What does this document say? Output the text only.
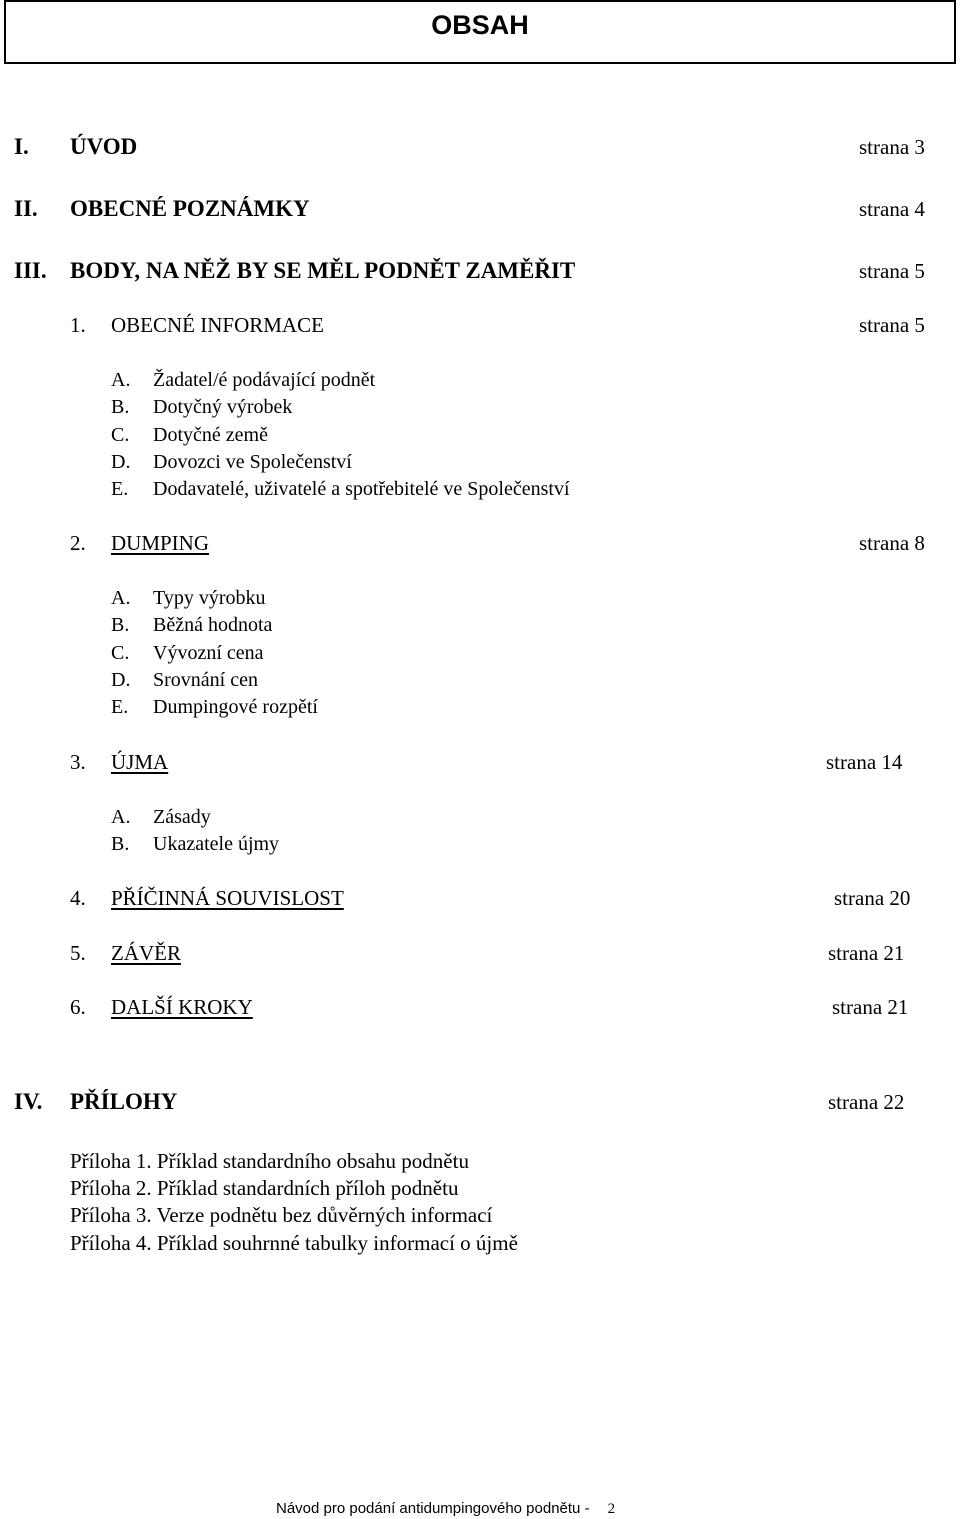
OBSAH
I. ÚVOD	strana 3
II. OBECNÉ POZNÁMKY	strana 4
III. BODY, NA NĚŽ BY SE MĚL PODNĚT ZAMĚŘIT	strana 5
1. OBECNÉ INFORMACE	strana 5
A. Žadatel/é podávající podnět
B. Dotyčný výrobek
C. Dotyčné země
D. Dovozci ve Společenství
E. Dodavatelé, uživatelé a spotřebitelé ve Společenství
2. DUMPING	strana 8
A. Typy výrobku
B. Běžná hodnota
C. Vývozní cena
D. Srovnání cen
E. Dumpingové rozpětí
3. ÚJMA	strana 14
A. Zásady
B. Ukazatele újmy
4. PŘÍČINNÁ SOUVISLOST	strana 20
5. ZÁVĚR	strana 21
6. DALŠÍ KROKY	strana 21
IV. PŘÍLOHY	strana 22
Příloha 1. Příklad standardního obsahu podnětu
Příloha 2. Příklad standardních příloh podnětu
Příloha 3. Verze podnětu bez důvěrných informací
Příloha 4. Příklad souhrnné tabulky informací o újmě
Návod pro podání antidumpingového podnětu - 2
